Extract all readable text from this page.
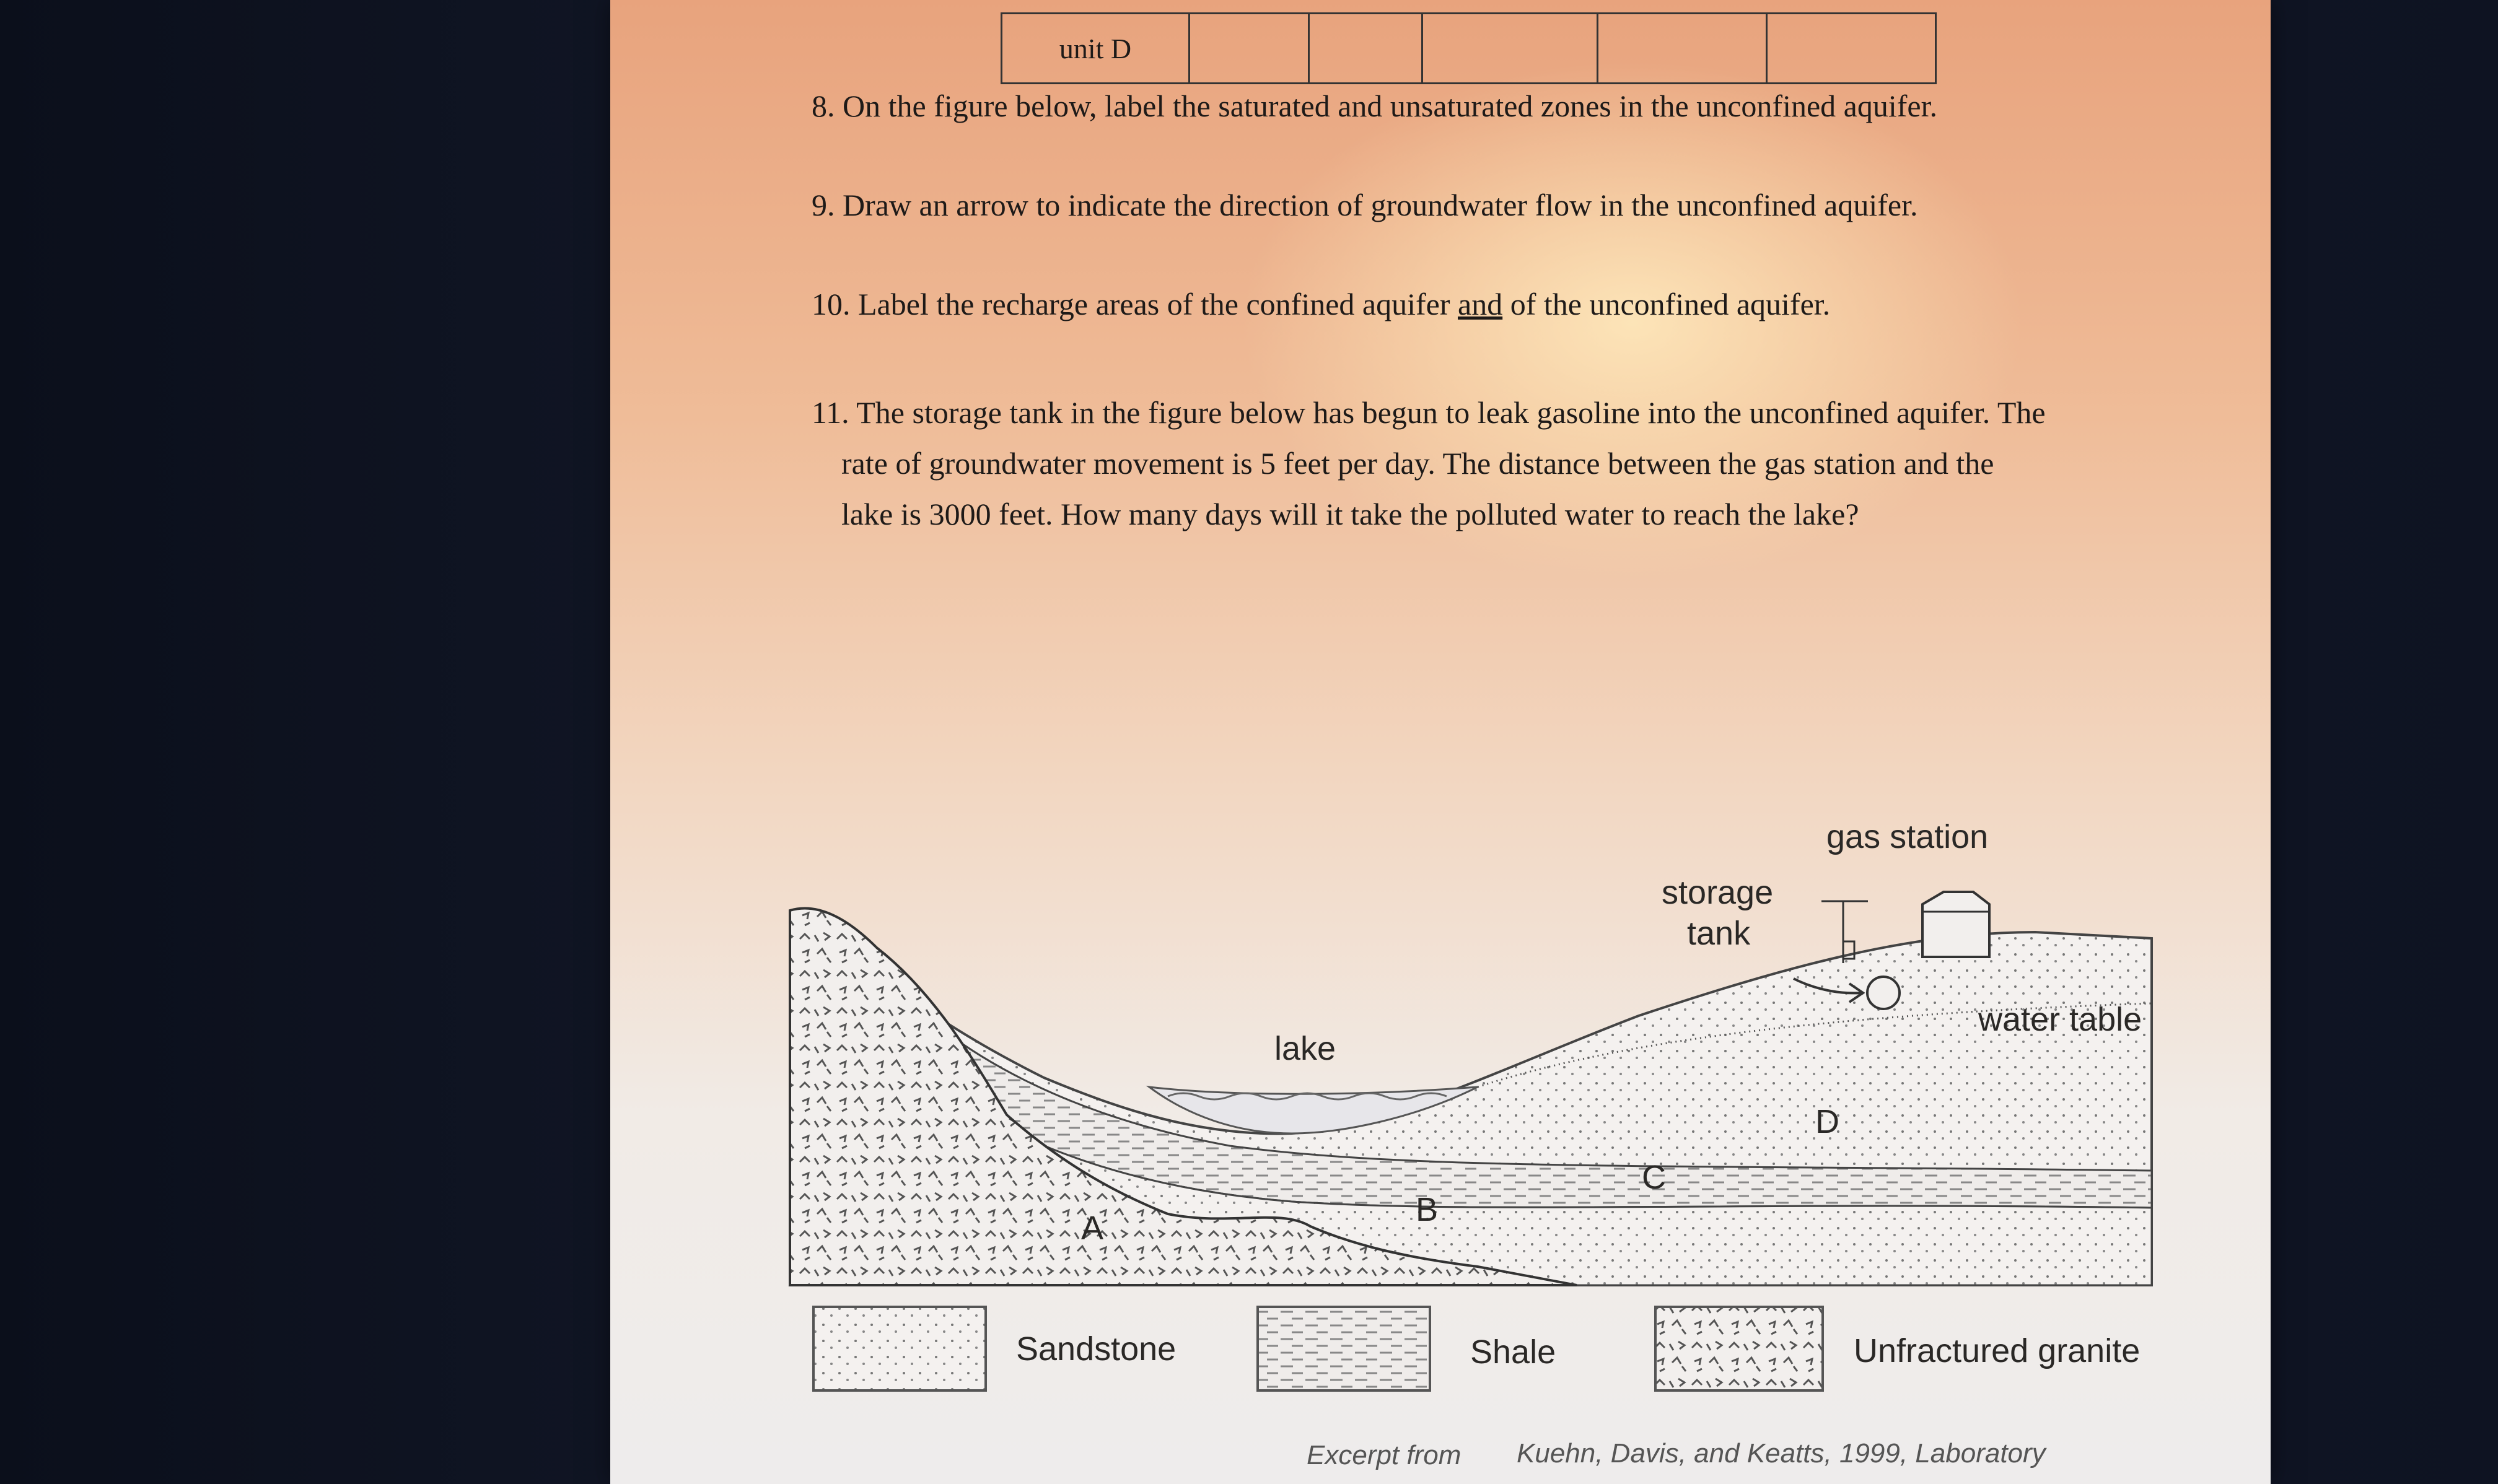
unit D					
8. On the figure below, label the saturated and unsaturated zones in the unconfined aquifer.
9. Draw an arrow to indicate the direction of groundwater flow in the unconfined aquifer.
10. Label the recharge areas of the confined aquifer and of the unconfined aquifer.
11. The storage tank in the figure below has begun to leak gasoline into the unconfined aquifer. The
rate of groundwater movement is 5 feet per day. The distance between the gas station and the
lake is 3000 feet. How many days will it take the polluted water to reach the lake?
gas station
storage
tank
water table
lake
D
C
B
A
Sandstone	Shale	Unfractured granite
Excerpt from Kuehn, Davis, and Keatts, 1999, Laboratory
